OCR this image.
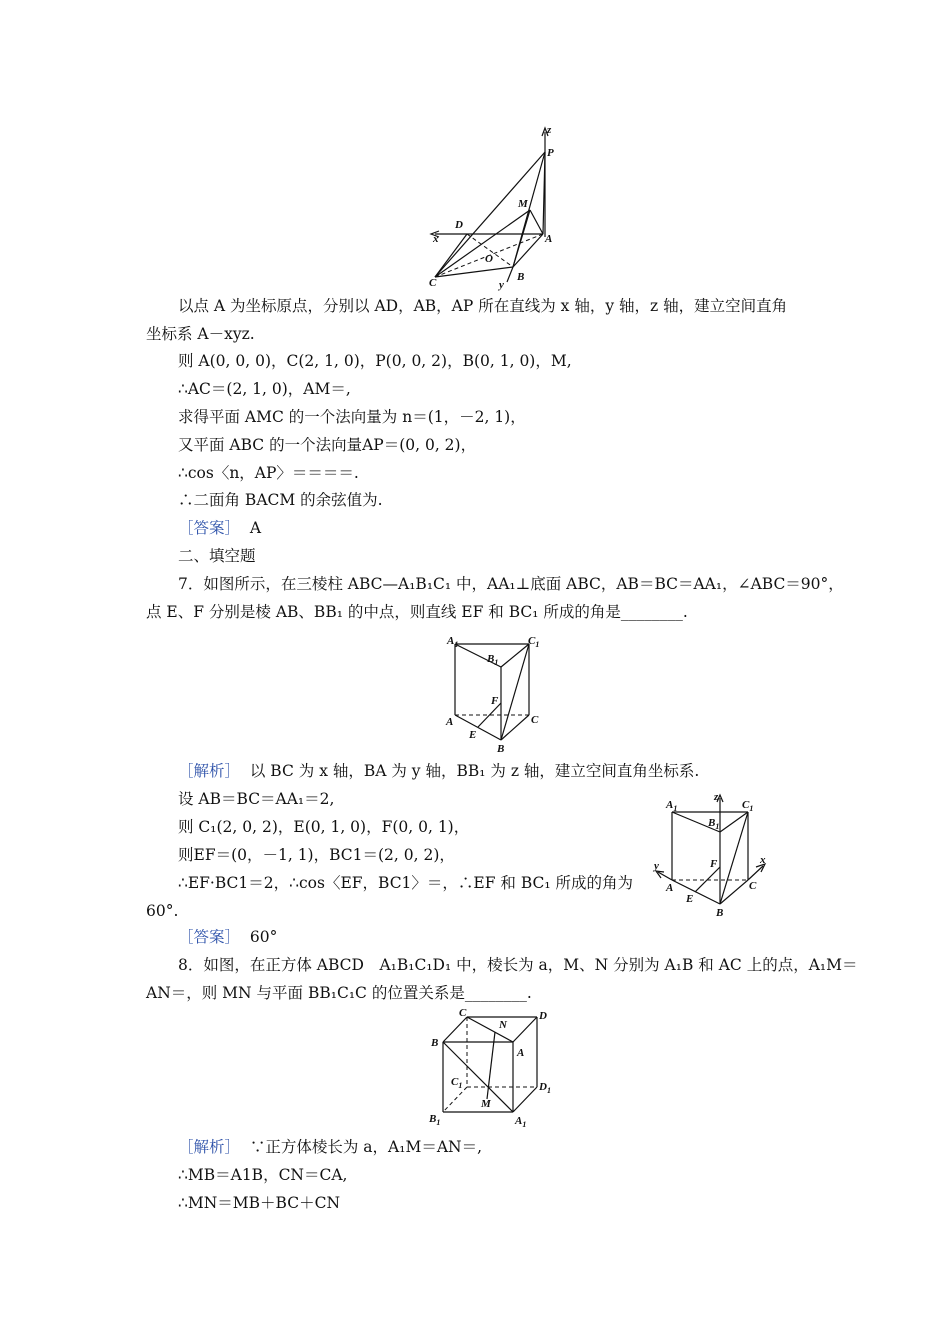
z
P
M
D
x	A
O
C	y
B
以点 A 为坐标原点，分别以 AD，AB，AP 所在直线为 x 轴，y 轴，z 轴，建立空间直角
坐标系 A－xyz.
则 A(0, 0, 0)，C(2, 1, 0)，P(0, 0, 2)，B(0, 1, 0)，M,
∴AC＝(2, 1, 0)，AM＝,
求得平面 AMC 的一个法向量为 n＝(1，－2, 1)，
又平面 ABC 的一个法向量AP＝(0, 0, 2)，
∴cos〈n，AP〉＝＝＝＝.
∴二面角 BACM 的余弦值为.
［答案］ A
二、填空题
7．如图所示，在三棱柱 ABC—A₁B₁C₁ 中，AA₁⊥底面 ABC，AB＝BC＝AA₁，∠ABC＝90°，
点 E、F 分别是棱 AB、BB₁ 的中点，则直线 EF 和 BC₁ 所成的角是________.
$A_1$	$C_1$
$B_1$
F
A	C
E
B
［解析］ 以 BC 为 x 轴，BA 为 y 轴，BB₁ 为 z 轴，建立空间直角坐标系.
设 AB＝BC＝AA₁＝2,
则 C₁(2, 0, 2)，E(0, 1, 0)，F(0, 0, 1)，
则EF＝(0，－1, 1)，BC1＝(2, 0, 2)，
∴EF·BC1＝2，∴cos〈EF，BC1〉＝，∴EF 和 BC₁ 所成的角为
60°.
$A_1$
z
$C_1$
$B_1$
y	F	x
A	C
E
B
［答案］ 60°
8．如图，在正方体 ABCD　A₁B₁C₁D₁ 中，棱长为 a，M、N 分别为 A₁B 和 AC 上的点，A₁M＝
AN＝，则 MN 与平面 BB₁C₁C 的位置关系是________.
C
N
D
B
A
$C_1$	$D_1$
M
$B_1$	$A_1$
［解析］ ∵正方体棱长为 a，A₁M＝AN＝,
∴MB＝A1B，CN＝CA,
∴MN＝MB＋BC＋CN
